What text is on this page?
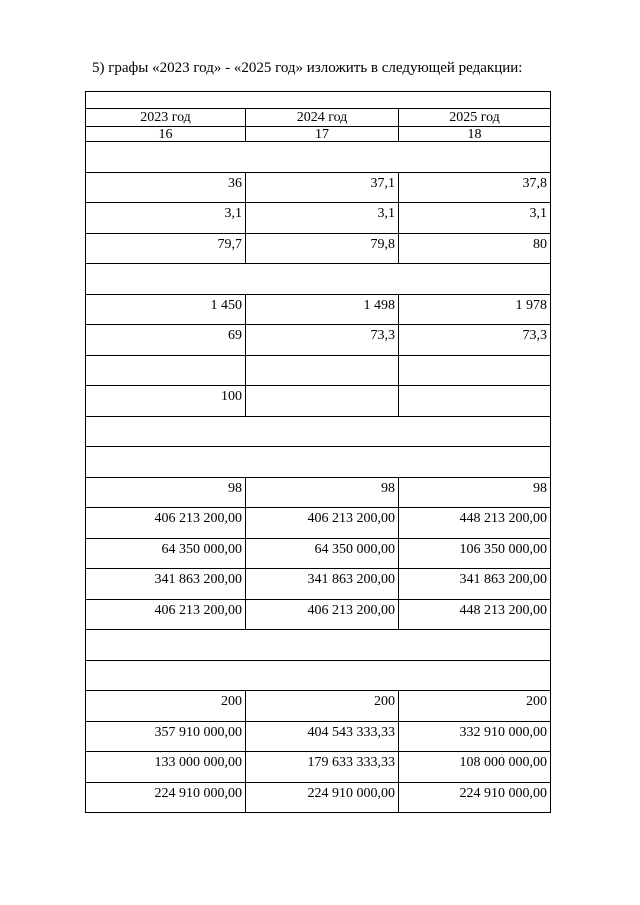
5) графы «2023 год» - «2025 год» изложить в следующей редакции:

2023 год	2024 год	2025 год
16	17	18

36	37,1	37,8
3,1	3,1	3,1
79,7	79,8	80

1 450	1 498	1 978
69	73,3	73,3

100		

98	98	98
406 213 200,00	406 213 200,00	448 213 200,00
64 350 000,00	64 350 000,00	106 350 000,00
341 863 200,00	341 863 200,00	341 863 200,00
406 213 200,00	406 213 200,00	448 213 200,00

200	200	200
357 910 000,00	404 543 333,33	332 910 000,00
133 000 000,00	179 633 333,33	108 000 000,00
224 910 000,00	224 910 000,00	224 910 000,00
